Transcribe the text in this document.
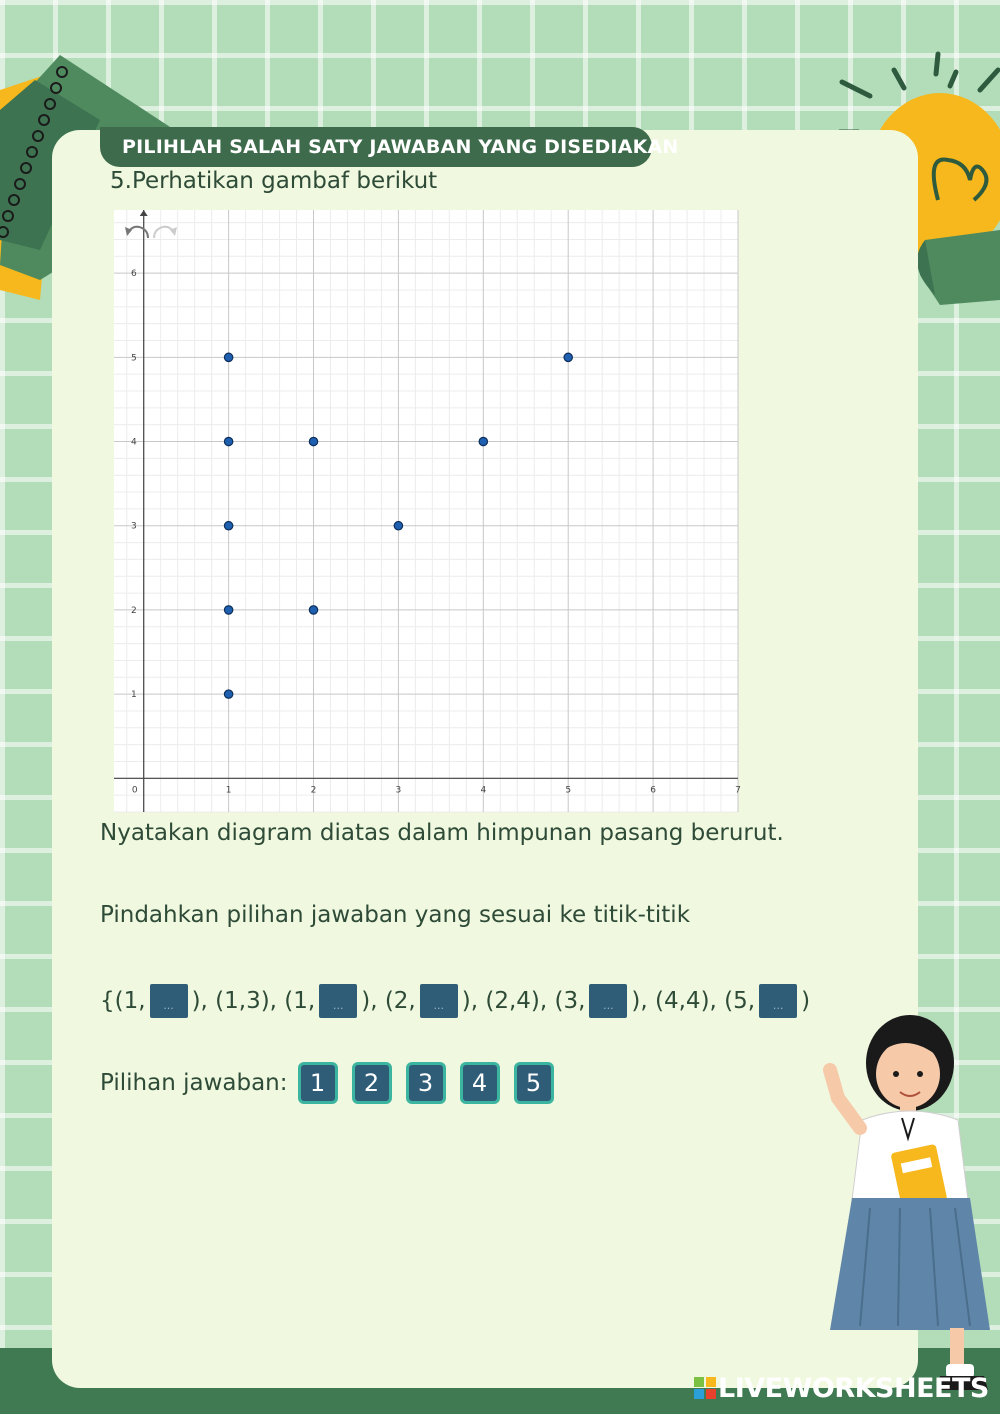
PILIHLAH SALAH SATY JAWABAN YANG DISEDIAKAN
5.Perhatikan gambaf berikut
0	1	2	3	4	5	6	7
1
2
3
4
5
6
Nyatakan diagram diatas dalam himpunan pasang berurut.
Pindahkan pilihan jawaban yang sesuai ke titik-titik
{(1,	... ), (1,3), (1,	... ), (2,	... ), (2,4), (3,	... ), (4,4), (5,	... )
Pilihan jawaban: 1	2	3	4	5
LIVEWORKSHEETS
